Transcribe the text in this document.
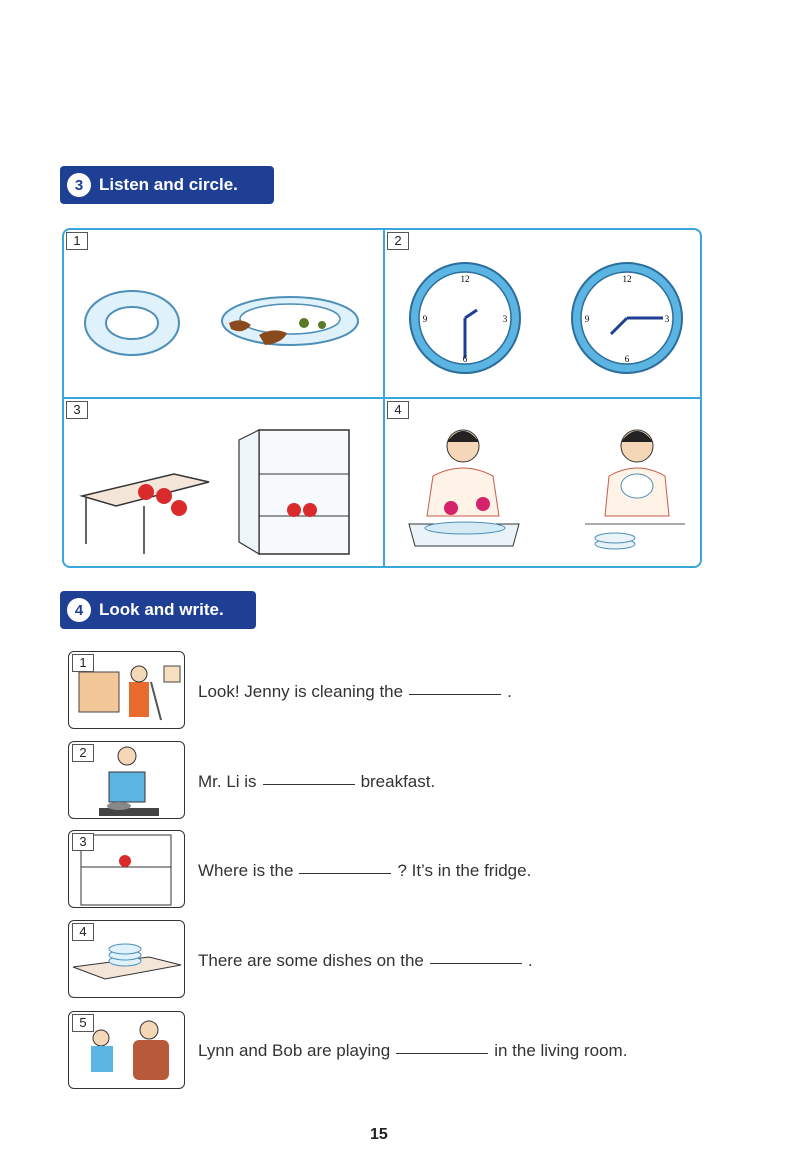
3 Listen and circle.
1	2
12
3
6
9
12
3
6
9
3	4
4 Look and write.
1
Look! Jenny is cleaning the	.
2
Mr. Li is	breakfast.
3
Where is the	? It’s in the fridge.
4
There are some dishes on the	.
5
Lynn and Bob are playing	in the living room.
15
